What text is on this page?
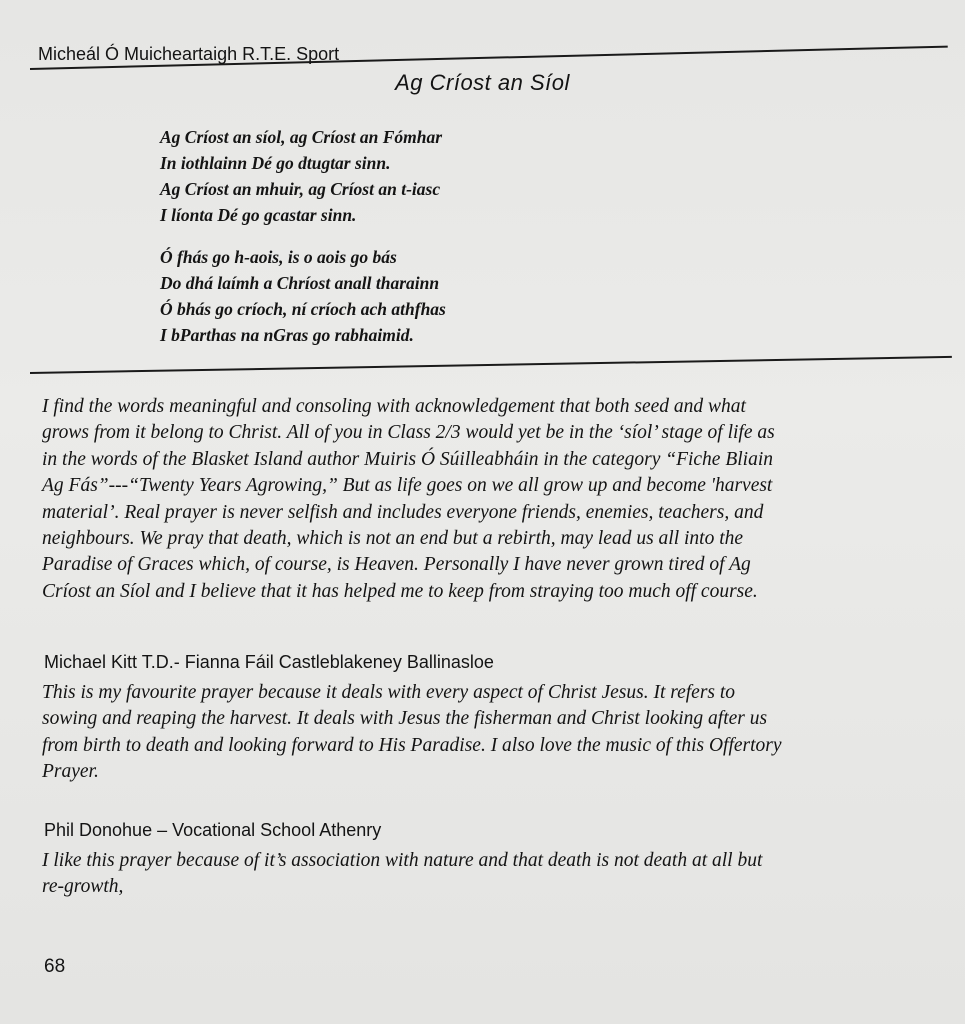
Micheál Ó Muicheartaigh R.T.E. Sport
Ag Críost an Síol
Ag Críost an síol, ag Críost an Fómhar
In iothlainn Dé go dtugtar sinn.
Ag Críost an mhuir, ag Críost an t-iasc
I líonta Dé go gcastar sinn.
Ó fhás go h-aois, is o aois go bás
Do dhá laímh a Chríost anall tharainn
Ó bhás go críoch, ní críoch ach athfhas
I bParthas na nGras go rabhaimid.
I find the words meaningful and consoling with acknowledgement that both seed and what
grows from it belong to Christ. All of you in Class 2/3 would yet be in the ‘síol’ stage of life as
in the words of the Blasket Island author Muiris Ó Súilleabháin in the category “Fiche Bliain
Ag Fás”---“Twenty Years Agrowing,” But as life goes on we all grow up and become 'harvest
material’. Real prayer is never selfish and includes everyone friends, enemies, teachers, and
neighbours. We pray that death, which is not an end but a rebirth, may lead us all into the
Paradise of Graces which, of course, is Heaven. Personally I have never grown tired of Ag
Críost an Síol and I believe that it has helped me to keep from straying too much off course.
Michael Kitt T.D.- Fianna Fáil Castleblakeney Ballinasloe
This is my favourite prayer because it deals with every aspect of Christ Jesus. It refers to
sowing and reaping the harvest. It deals with Jesus the fisherman and Christ looking after us
from birth to death and looking forward to His Paradise. I also love the music of this Offertory
Prayer.
Phil Donohue – Vocational School Athenry
I like this prayer because of it’s association with nature and that death is not death at all but
re-growth,
68
